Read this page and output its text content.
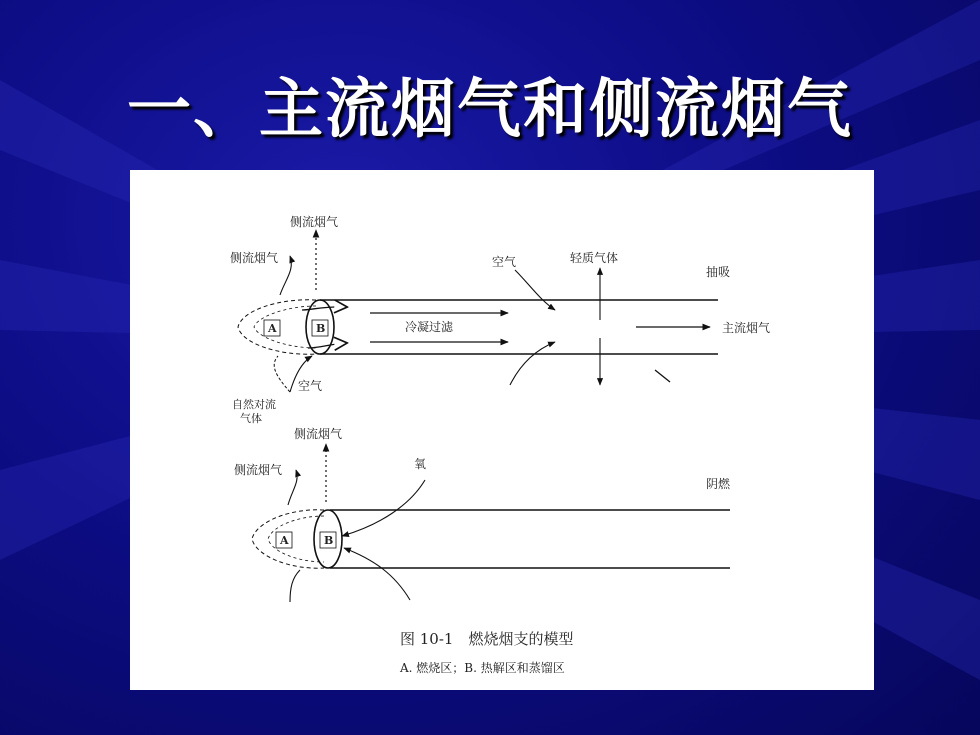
一、主流烟气和侧流烟气
侧流烟气
侧流烟气	空气	轻质气体
抽吸
冷凝过滤	主流烟气
空气
自然对流
气体
A	B
侧流烟气
侧流烟气	氧
阴燃
A	B
图 10-1　燃烧烟支的模型
A. 燃烧区；B. 热解区和蒸馏区
